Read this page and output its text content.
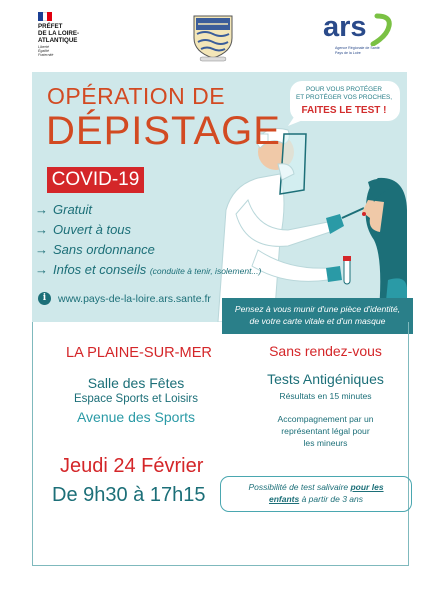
PRÉFET
DE LA LOIRE-
ATLANTIQUE
Liberté
Égalité
Fraternité
ars
Agence Régionale de Santé
Pays de la Loire
POUR VOUS PROTÉGER
ET PROTÉGER VOS PROCHES,
FAITES LE TEST !
OPÉRATION DE
DÉPISTAGE
COVID-19
→ Gratuit
→ Ouvert à tous
→ Sans ordonnance
→ Infos et conseils (conduite à tenir, isolement...)
i	www.pays-de-la-loire.ars.sante.fr
Pensez à vous munir d'une pièce d'identité,
de votre carte vitale et d'un masque
LA PLAINE-SUR-MER
Salle des Fêtes
Espace Sports et Loisirs
Avenue des Sports
Jeudi 24 Février
De 9h30 à 17h15
Sans rendez-vous
Tests Antigéniques
Résultats en 15 minutes
Accompagnement par un
représentant légal pour
les mineurs
Possibilité de test salivaire pour les
enfants à partir de 3 ans
